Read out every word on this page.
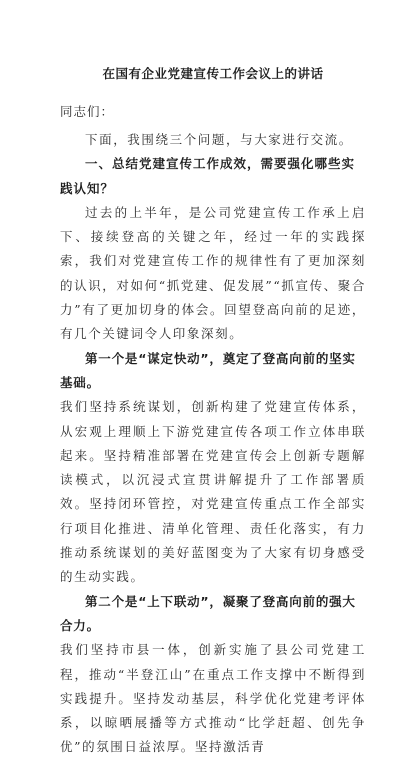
在国有企业党建宣传工作会议上的讲话
同志们：

下面，我围绕三个问题，与大家进行交流。

一、总结党建宣传工作成效，需要强化哪些实践认知？

过去的上半年，是公司党建宣传工作承上启下、接续登高的关键之年，经过一年的实践探索，我们对党建宣传工作的规律性有了更加深刻的认识，对如何“抓党建、促发展”“抓宣传、聚合力”有了更加切身的体会。回望登高向前的足迹，有几个关键词令人印象深刻。

第一个是“谋定快动”，奠定了登高向前的坚实基础。

我们坚持系统谋划，创新构建了党建宣传体系，从宏观上理顺上下游党建宣传各项工作立体串联起来。坚持精准部署在党建宣传会上创新专题解读模式，以沉浸式宣贯讲解提升了工作部署质效。坚持闭环管控，对党建宣传重点工作全部实行项目化推进、清单化管理、责任化落实，有力推动系统谋划的美好蓝图变为了大家有切身感受的生动实践。

第二个是“上下联动”，凝聚了登高向前的强大合力。

我们坚持市县一体，创新实施了县公司党建工程，推动“半登江山”在重点工作支撑中不断得到实践提升。坚持发动基层，科学优化党建考评体系，以晾晒展播等方式推动“比学赶超、创先争优”的氛围日益浓厚。坚持激活青
